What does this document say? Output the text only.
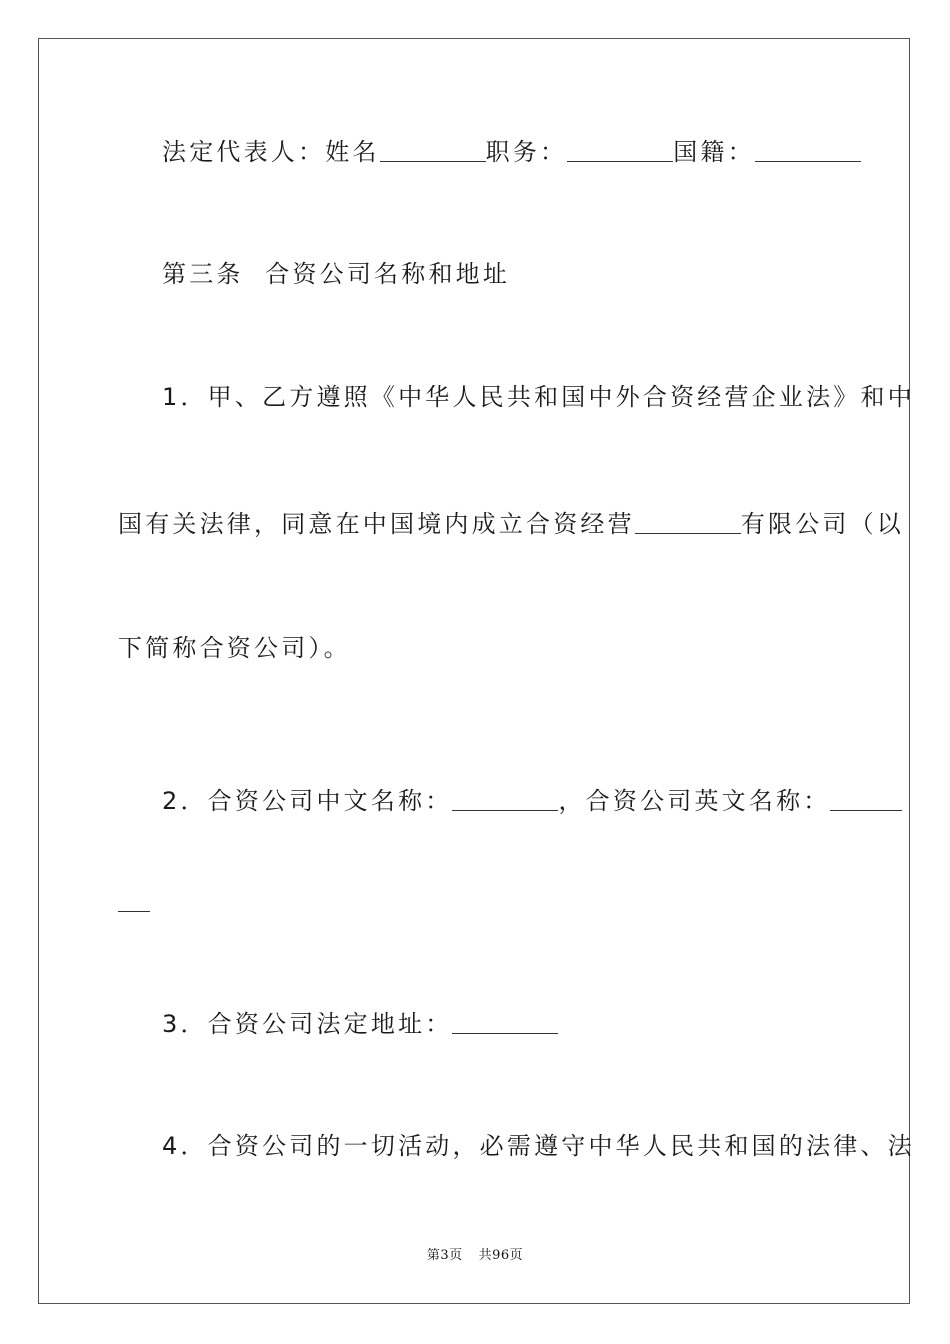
法定代表人：姓名	职务：	国籍：
第三条  合资公司名称和地址
1．甲、乙方遵照《中华人民共和国中外合资经营企业法》和中
国有关法律，同意在中国境内成立合资经营	有限公司（以
下简称合资公司）。
2．合资公司中文名称：	，合资公司英文名称：
3．合资公司法定地址：
4．合资公司的一切活动，必需遵守中华人民共和国的法律、法
第3页 共96页
